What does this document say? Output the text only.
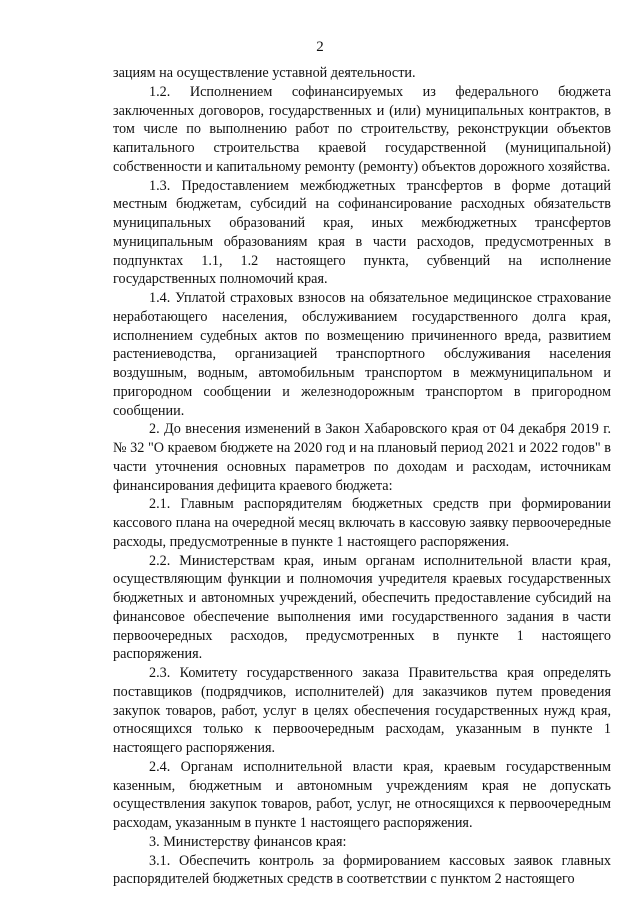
2

зациям на осуществление уставной деятельности.

1.2. Исполнением софинансируемых из федерального бюджета заключенных договоров, государственных и (или) муниципальных контрактов, в том числе по выполнению работ по строительству, реконструкции объектов капитального строительства краевой государственной (муниципальной) собственности и капитальному ремонту (ремонту) объектов дорожного хозяйства.

1.3. Предоставлением межбюджетных трансфертов в форме дотаций местным бюджетам, субсидий на софинансирование расходных обязательств муниципальных образований края, иных межбюджетных трансфертов муниципальным образованиям края в части расходов, предусмотренных в подпунктах 1.1, 1.2 настоящего пункта, субвенций на исполнение государственных полномочий края.

1.4. Уплатой страховых взносов на обязательное медицинское страхование неработающего населения, обслуживанием государственного долга края, исполнением судебных актов по возмещению причиненного вреда, развитием растениеводства, организацией транспортного обслуживания населения воздушным, водным, автомобильным транспортом в межмуниципальном и пригородном сообщении и железнодорожным транспортом в пригородном сообщении.

2. До внесения изменений в Закон Хабаровского края от 04 декабря 2019 г. № 32 "О краевом бюджете на 2020 год и на плановый период 2021 и 2022 годов" в части уточнения основных параметров по доходам и расходам, источникам финансирования дефицита краевого бюджета:

2.1. Главным распорядителям бюджетных средств при формировании кассового плана на очередной месяц включать в кассовую заявку первоочередные расходы, предусмотренные в пункте 1 настоящего распоряжения.

2.2. Министерствам края, иным органам исполнительной власти края, осуществляющим функции и полномочия учредителя краевых государственных бюджетных и автономных учреждений, обеспечить предоставление субсидий на финансовое обеспечение выполнения ими государственного задания в части первоочередных расходов, предусмотренных в пункте 1 настоящего распоряжения.

2.3. Комитету государственного заказа Правительства края определять поставщиков (подрядчиков, исполнителей) для заказчиков путем проведения закупок товаров, работ, услуг в целях обеспечения государственных нужд края, относящихся только к первоочередным расходам, указанным в пункте 1 настоящего распоряжения.

2.4. Органам исполнительной власти края, краевым государственным казенным, бюджетным и автономным учреждениям края не допускать осуществления закупок товаров, работ, услуг, не относящихся к первоочередным расходам, указанным в пункте 1 настоящего распоряжения.

3. Министерству финансов края:

3.1. Обеспечить контроль за формированием кассовых заявок главных распорядителей бюджетных средств в соответствии с пунктом 2 настоящего
